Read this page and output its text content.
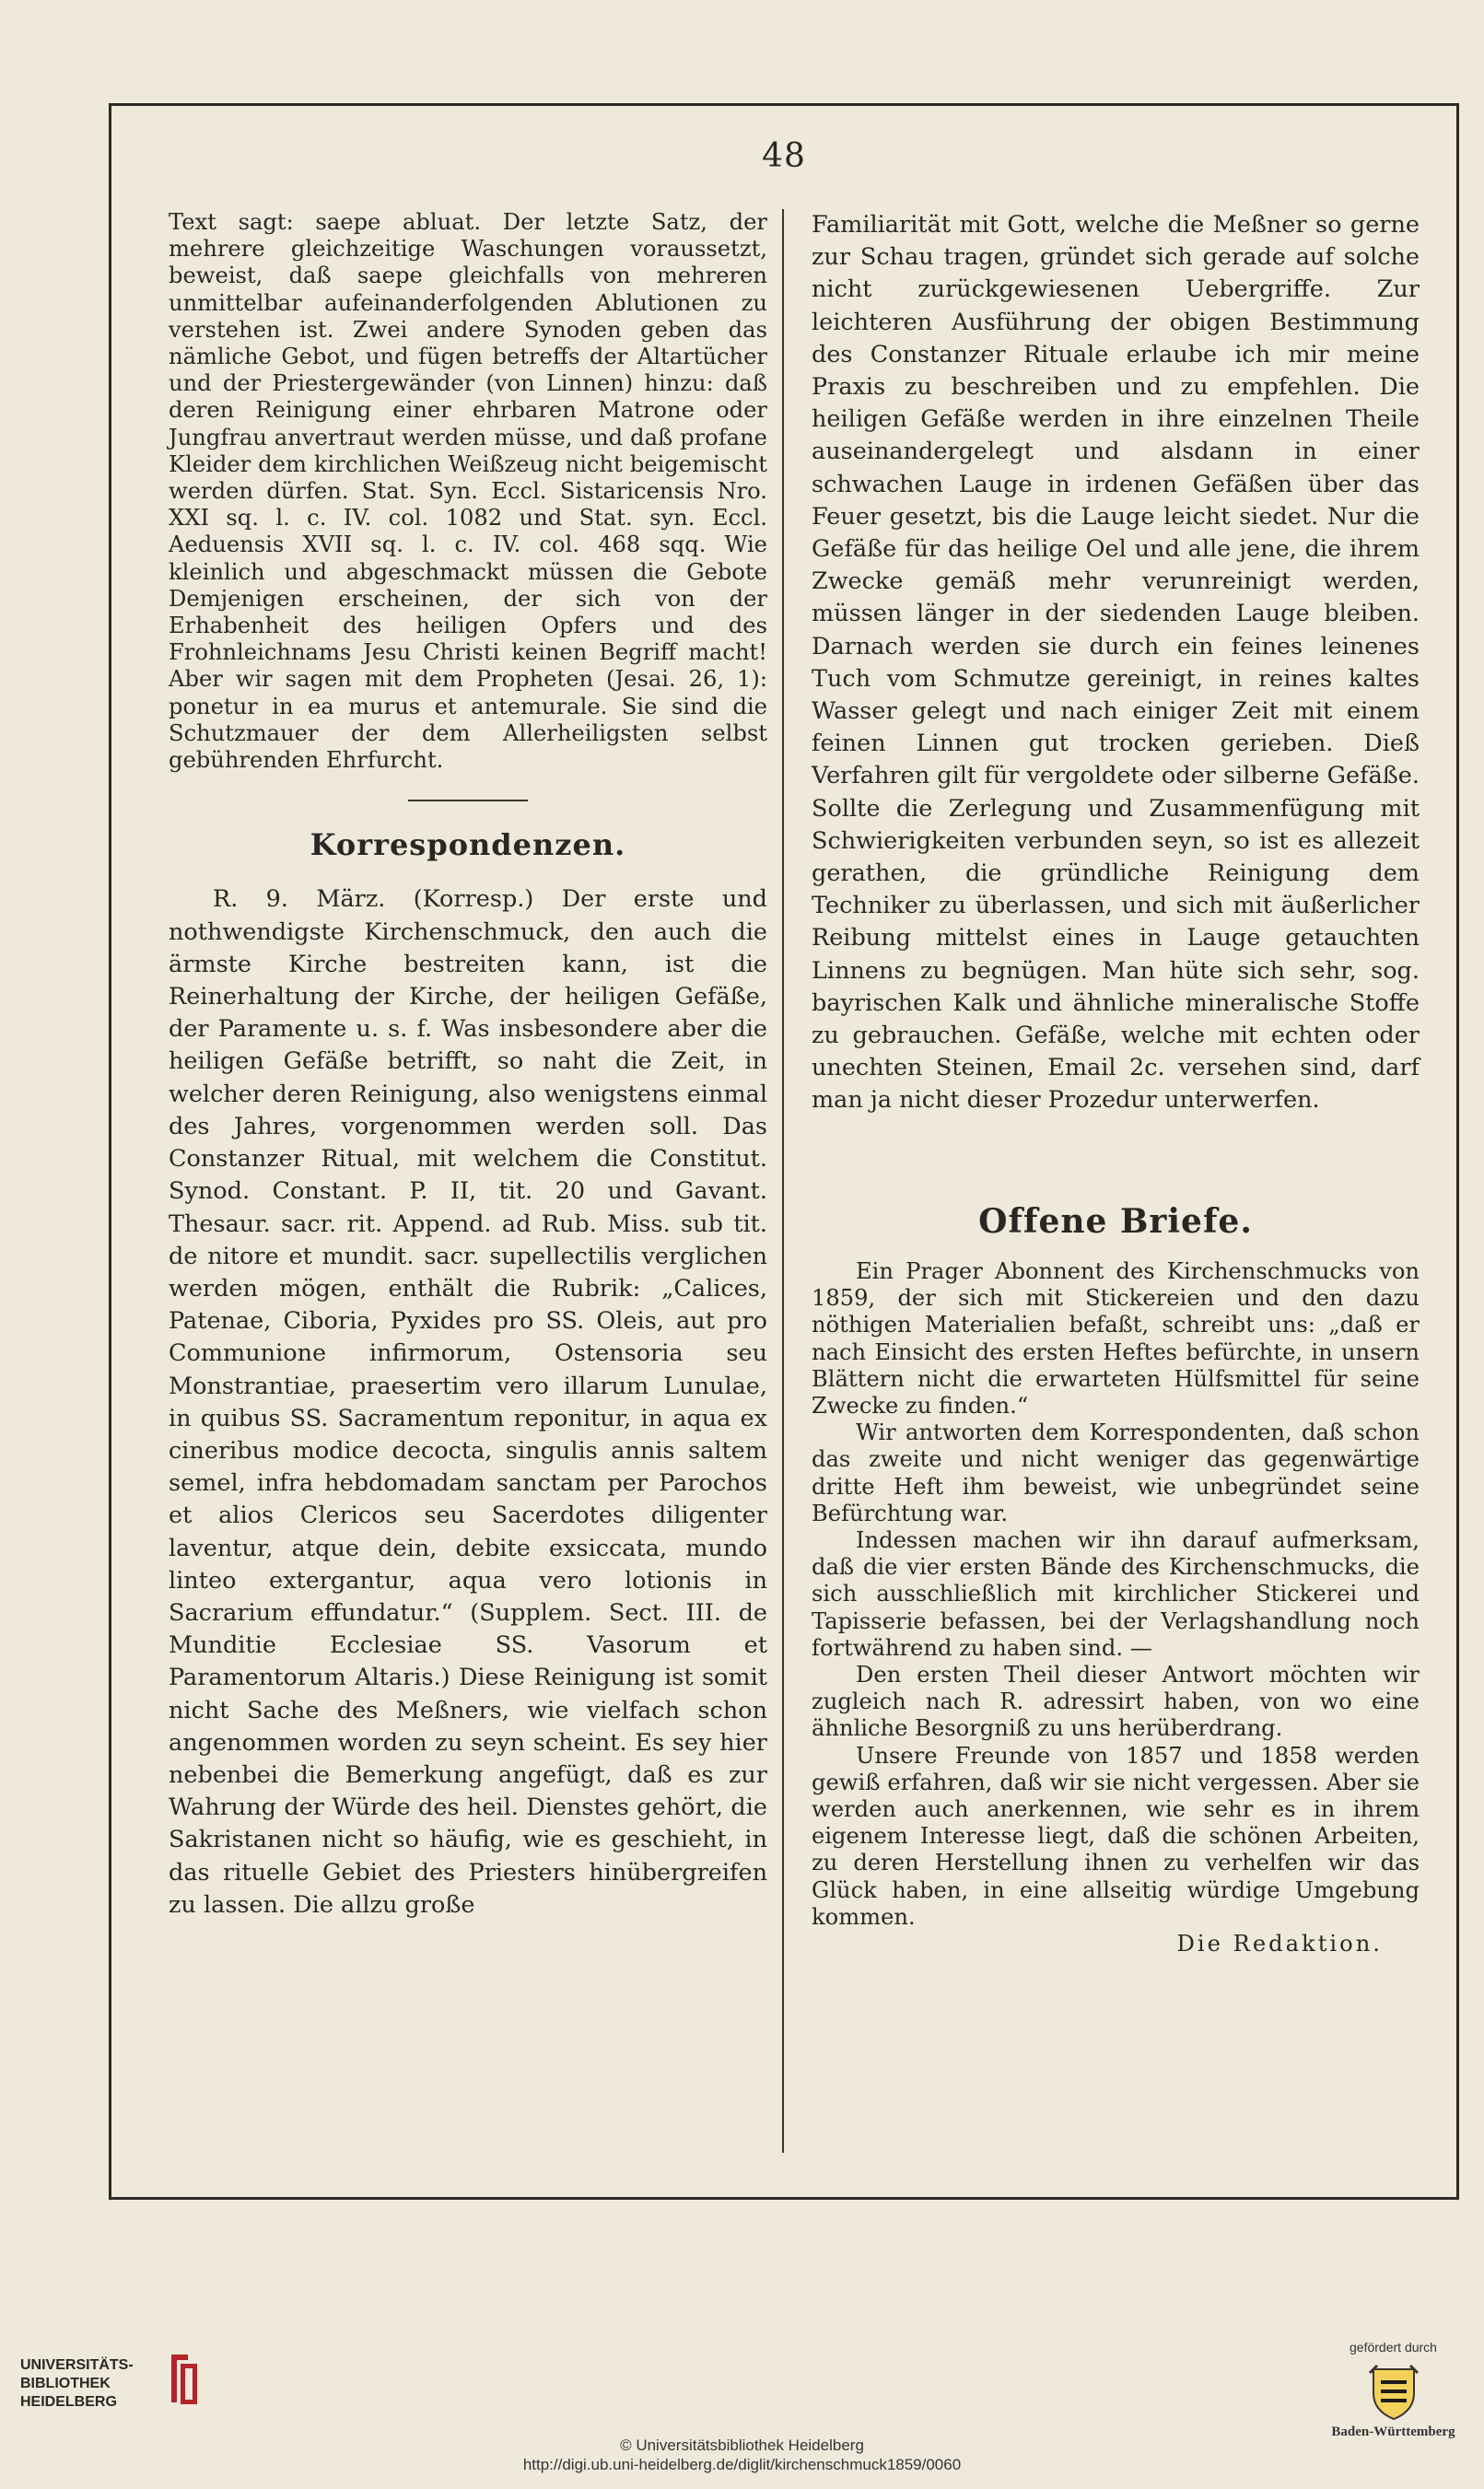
48

Text sagt: saepe abluat. Der letzte Satz, der mehrere gleichzeitige Waschungen voraussetzt, beweist, daß saepe gleichfalls von mehreren unmittelbar aufeinanderfolgenden Ablutionen zu verstehen ist. Zwei andere Synoden geben das nämliche Gebot, und fügen betreffs der Altartücher und der Priestergewänder (von Linnen) hinzu: daß deren Reinigung einer ehrbaren Matrone oder Jungfrau anvertraut werden müsse, und daß profane Kleider dem kirchlichen Weißzeug nicht beigemischt werden dürfen. Stat. Syn. Eccl. Sistaricensis Nro. XXI sq. l. c. IV. col. 1082 und Stat. syn. Eccl. Aeduensis XVII sq. l. c. IV. col. 468 sqq. Wie kleinlich und abgeschmackt müssen die Gebote Demjenigen erscheinen, der sich von der Erhabenheit des heiligen Opfers und des Frohnleichnams Jesu Christi keinen Begriff macht! Aber wir sagen mit dem Propheten (Jesai. 26, 1): ponetur in ea murus et antemurale. Sie sind die Schutzmauer der dem Allerheiligsten selbst gebührenden Ehrfurcht.

Korrespondenzen.

R. 9. März. (Korresp.) Der erste und nothwendigste Kirchenschmuck, den auch die ärmste Kirche bestreiten kann, ist die Reinerhaltung der Kirche, der heiligen Gefäße, der Paramente u. s. f. Was insbesondere aber die heiligen Gefäße betrifft, so naht die Zeit, in welcher deren Reinigung, also wenigstens einmal des Jahres, vorgenommen werden soll. Das Constanzer Ritual, mit welchem die Constitut. Synod. Constant. P. II, tit. 20 und Gavant. Thesaur. sacr. rit. Append. ad Rub. Miss. sub tit. de nitore et mundit. sacr. supellectilis verglichen werden mögen, enthält die Rubrik: „Calices, Patenae, Ciboria, Pyxides pro SS. Oleis, aut pro Communione infirmorum, Ostensoria seu Monstrantiae, praesertim vero illarum Lunulae, in quibus SS. Sacramentum reponitur, in aqua ex cineribus modice decocta, singulis annis saltem semel, infra hebdomadam sanctam per Parochos et alios Clericos seu Sacerdotes diligenter laventur, atque dein, debite exsiccata, mundo linteo extergantur, aqua vero lotionis in Sacrarium effundatur.“ (Supplem. Sect. III. de Munditie Ecclesiae SS. Vasorum et Paramentorum Altaris.) Diese Reinigung ist somit nicht Sache des Meßners, wie vielfach schon angenommen worden zu seyn scheint. Es sey hier nebenbei die Bemerkung angefügt, daß es zur Wahrung der Würde des heil. Dienstes gehört, die Sakristanen nicht so häufig, wie es geschieht, in das rituelle Gebiet des Priesters hinübergreifen zu lassen. Die allzu große

Familiarität mit Gott, welche die Meßner so gerne zur Schau tragen, gründet sich gerade auf solche nicht zurückgewiesenen Uebergriffe. Zur leichteren Ausführung der obigen Bestimmung des Constanzer Rituale erlaube ich mir meine Praxis zu beschreiben und zu empfehlen. Die heiligen Gefäße werden in ihre einzelnen Theile auseinandergelegt und alsdann in einer schwachen Lauge in irdenen Gefäßen über das Feuer gesetzt, bis die Lauge leicht siedet. Nur die Gefäße für das heilige Oel und alle jene, die ihrem Zwecke gemäß mehr verunreinigt werden, müssen länger in der siedenden Lauge bleiben. Darnach werden sie durch ein feines leinenes Tuch vom Schmutze gereinigt, in reines kaltes Wasser gelegt und nach einiger Zeit mit einem feinen Linnen gut trocken gerieben. Dieß Verfahren gilt für vergoldete oder silberne Gefäße. Sollte die Zerlegung und Zusammenfügung mit Schwierigkeiten verbunden seyn, so ist es allezeit gerathen, die gründliche Reinigung dem Techniker zu überlassen, und sich mit äußerlicher Reibung mittelst eines in Lauge getauchten Linnens zu begnügen. Man hüte sich sehr, sog. bayrischen Kalk und ähnliche mineralische Stoffe zu gebrauchen. Gefäße, welche mit echten oder unechten Steinen, Email 2c. versehen sind, darf man ja nicht dieser Prozedur unterwerfen.

Offene Briefe.

Ein Prager Abonnent des Kirchenschmucks von 1859, der sich mit Stickereien und den dazu nöthigen Materialien befaßt, schreibt uns: „daß er nach Einsicht des ersten Heftes befürchte, in unsern Blättern nicht die erwarteten Hülfsmittel für seine Zwecke zu finden.“

Wir antworten dem Korrespondenten, daß schon das zweite und nicht weniger das gegenwärtige dritte Heft ihm beweist, wie unbegründet seine Befürchtung war.

Indessen machen wir ihn darauf aufmerksam, daß die vier ersten Bände des Kirchenschmucks, die sich ausschließlich mit kirchlicher Stickerei und Tapisserie befassen, bei der Verlagshandlung noch fortwährend zu haben sind. —

Den ersten Theil dieser Antwort möchten wir zugleich nach R. adressirt haben, von wo eine ähnliche Besorgniß zu uns herüberdrang.

Unsere Freunde von 1857 und 1858 werden gewiß erfahren, daß wir sie nicht vergessen. Aber sie werden auch anerkennen, wie sehr es in ihrem eigenem Interesse liegt, daß die schönen Arbeiten, zu deren Herstellung ihnen zu verhelfen wir das Glück haben, in eine allseitig würdige Umgebung kommen.

Die Redaktion.

UNIVERSITÄTS-
BIBLIOTHEK
HEIDELBERG
© Universitätsbibliothek Heidelberg
http://digi.ub.uni-heidelberg.de/diglit/kirchenschmuck1859/0060
gefördert durch
Baden-Württemberg
